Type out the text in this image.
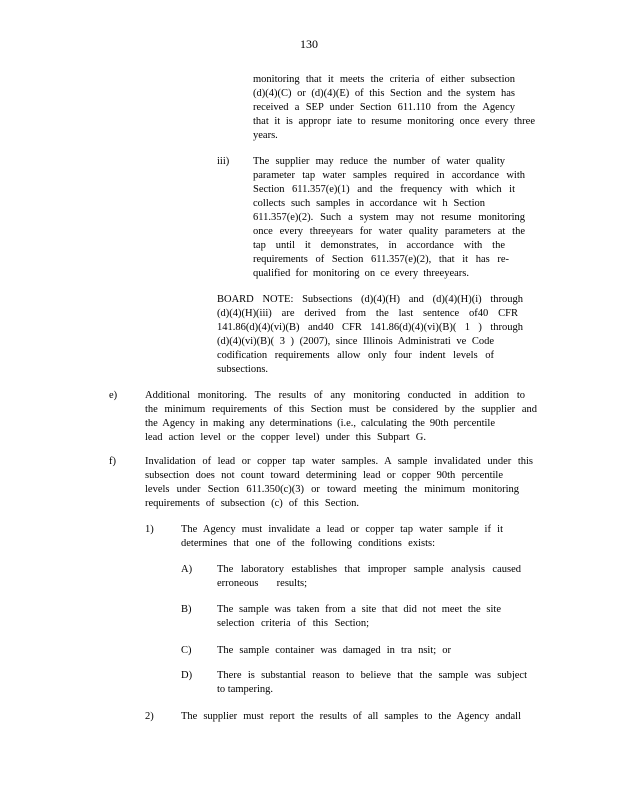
130
monitoring that it meets the criteria of either subsection
(d)(4)(C) or (d)(4)(E) of this Section and the system has
received a SEP under Section 611.110 from the Agency
that it is appropr iate to resume monitoring once every three
years.
iii) The supplier may reduce the number of water quality
parameter tap water samples required in accordance with
Section 611.357(e)(1) and the frequency with which it
collects such samples in accordance wit h Section
611.357(e)(2). Such a system may not resume monitoring
once every threeyears for water quality parameters at the
tap until it demonstrates, in accordance with the
requirements of Section 611.357(e)(2), that it has re-
qualified for monitoring on ce every threeyears.
BOARD NOTE: Subsections (d)(4)(H) and (d)(4)(H)(i) through
(d)(4)(H)(iii) are derived from the last sentence of40 CFR
141.86(d)(4)(vi)(B) and40 CFR 141.86(d)(4)(vi)(B)( 1 ) through
(d)(4)(vi)(B)( 3 ) (2007), since Illinois Administrati ve Code
codification requirements allow only four indent levels of
subsections.
e)	Additional monitoring. The results of any monitoring conducted in addition to
the minimum requirements of this Section must be considered by the supplier and
the Agency in making any determinations (i.e., calculating the 90th percentile
lead action level or the copper level) under this Subpart G.
f)	Invalidation of lead or copper tap water samples. A sample invalidated under this
subsection does not count toward determining lead or copper 90th percentile
levels under Section 611.350(c)(3) or toward meeting the minimum monitoring
requirements of subsection (c) of this Section.
1)	The Agency must invalidate a lead or copper tap water sample if it
determines that one of the following conditions exists:
A) The laboratory establishes that improper sample analysis caused
erroneous results;
B) The sample was taken from a site that did not meet the site
selection criteria of this Section;
C) The sample container was damaged in tra nsit; or
D) There is substantial reason to believe that the sample was subject
to tampering.
2)	The supplier must report the results of all samples to the Agency andall
